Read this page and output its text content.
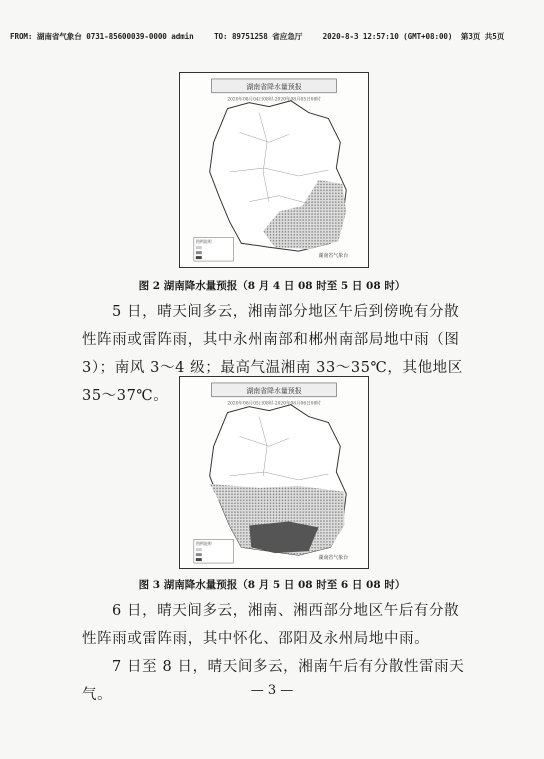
FROM: 湖南省气象台 0731-85600039-0000 admin	TO: 89751258 省应急厅	2020-8-3 12:57:10 (GMT+08:00) 第3页 共5页
湖南省降水量预报
2020年08月04日08时-2020年08月05日08时
图例说明
湖南省气象台
图 2 湖南降水量预报（8 月 4 日 08 时至 5 日 08 时）

5 日，晴天间多云，湘南部分地区午后到傍晚有分散性阵雨或雷阵雨，其中永州南部和郴州南部局地中雨（图 3）；南风 3～4 级；最高气温湘南 33～35℃，其他地区 35～37℃。	湖南省降水量预报
2020年08月05日08时-2020年08月06日08时
图例说明
湖南省气象台
图 3 湖南降水量预报（8 月 5 日 08 时至 6 日 08 时）

6 日，晴天间多云，湘南、湘西部分地区午后有分散性阵雨或雷阵雨，其中怀化、邵阳及永州局地中雨。

7 日至 8 日，晴天间多云，湘南午后有分散性雷雨天气。	— 3 —
